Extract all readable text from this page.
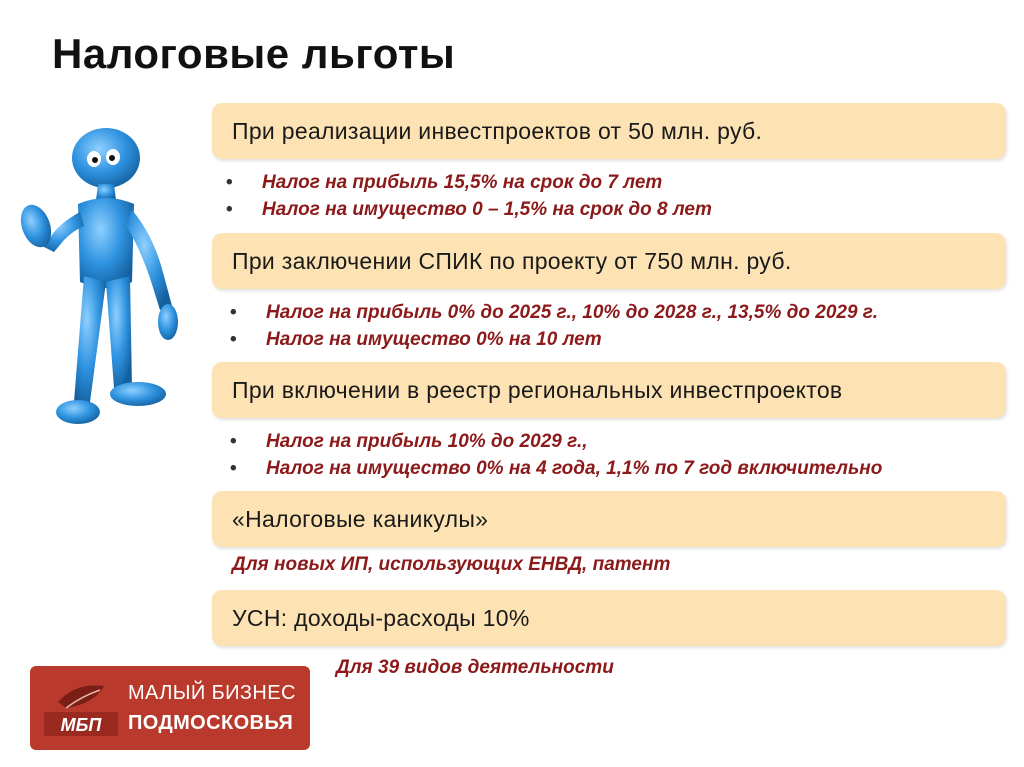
Налоговые льготы
При реализации инвестпроектов от 50 млн. руб.
• Налог на прибыль 15,5% на срок до 7 лет
• Налог на имущество 0 – 1,5% на срок до 8 лет
При заключении СПИК по проекту от 750 млн. руб.
• Налог на прибыль 0% до 2025 г., 10% до 2028 г., 13,5% до 2029 г.
• Налог на имущество 0% на 10 лет
При включении в реестр региональных инвестпроектов
• Налог на прибыль 10% до 2029 г.,
• Налог на имущество 0% на 4 года, 1,1% по 7 год включительно
«Налоговые каникулы»
Для новых ИП, использующих ЕНВД, патент
УСН: доходы-расходы 10%
Для 39 видов деятельности
МБП
МАЛЫЙ БИЗНЕС
ПОДМОСКОВЬЯ
